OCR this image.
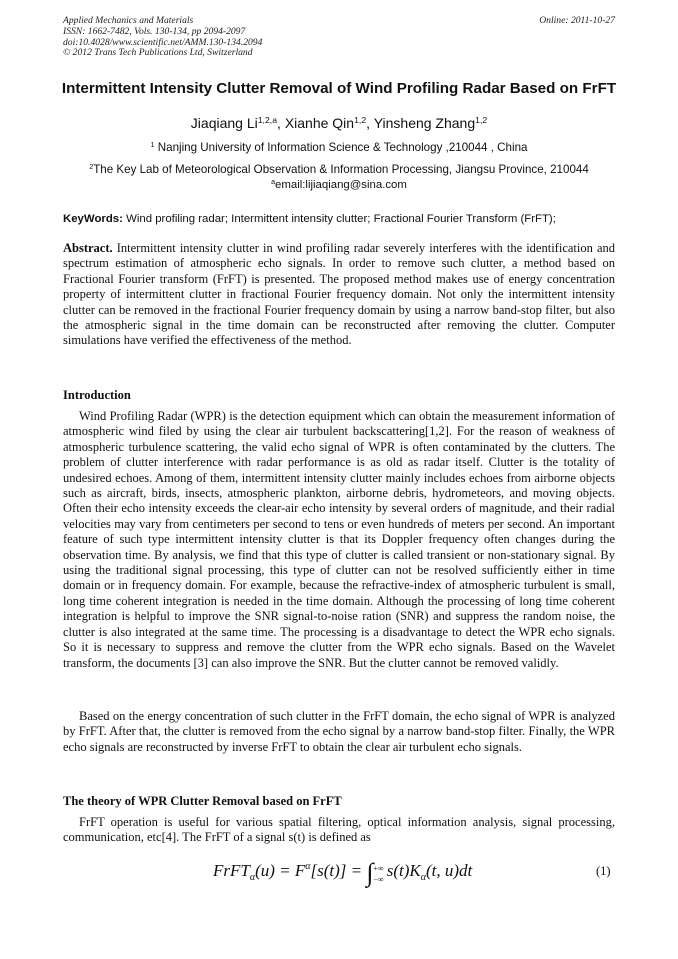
Applied Mechanics and Materials
ISSN: 1662-7482, Vols. 130-134, pp 2094-2097
doi:10.4028/www.scientific.net/AMM.130-134.2094
© 2012 Trans Tech Publications Ltd, Switzerland
Online: 2011-10-27
Intermittent Intensity Clutter Removal of Wind Profiling Radar Based on FrFT
Jiaqiang Li$^{1,2,a}$, Xianhe Qin$^{1,2}$, Yinsheng Zhang$^{1,2}$
$^1$ Nanjing University of Information Science & Technology ,210044 , China
$^2$The Key Lab of Meteorological Observation & Information Processing, Jiangsu Province, 210044
$^a$email:lijiaqiang@sina.com
KeyWords: Wind profiling radar; Intermittent intensity clutter; Fractional Fourier Transform (FrFT);
Abstract. Intermittent intensity clutter in wind profiling radar severely interferes with the identification and spectrum estimation of atmospheric echo signals. In order to remove such clutter, a method based on Fractional Fourier transform (FrFT) is presented. The proposed method makes use of energy concentration property of intermittent clutter in fractional Fourier frequency domain. Not only the intermittent intensity clutter can be removed in the fractional Fourier frequency domain by using a narrow band-stop filter, but also the atmospheric signal in the time domain can be reconstructed after removing the clutter. Computer simulations have verified the effectiveness of the method.
Introduction
Wind Profiling Radar (WPR) is the detection equipment which can obtain the measurement information of atmospheric wind filed by using the clear air turbulent backscattering[1,2]. For the reason of weakness of atmospheric turbulence scattering, the valid echo signal of WPR is often contaminated by the clutters. The problem of clutter interference with radar performance is as old as radar itself. Clutter is the totality of undesired echoes. Among of them, intermittent intensity clutter mainly includes echoes from airborne objects such as aircraft, birds, insects, atmospheric plankton, airborne debris, hydrometeors, and moving objects. Often their echo intensity exceeds the clear-air echo intensity by several orders of magnitude, and their radial velocities may vary from centimeters per second to tens or even hundreds of meters per second. An important feature of such type intermittent intensity clutter is that its Doppler frequency often changes during the observation time. By analysis, we find that this type of clutter is called transient or non-stationary signal. By using the traditional signal processing, this type of clutter can not be resolved sufficiently either in time domain or in frequency domain. For example, because the refractive-index of atmospheric turbulent is small, long time coherent integration is needed in the time domain. Although the processing of long time coherent integration is helpful to improve the SNR signal-to-noise ration (SNR) and suppress the random noise, the clutter is also integrated at the same time. The processing is a disadvantage to detect the WPR echo signals. So it is necessary to suppress and remove the clutter from the WPR echo signals. Based on the Wavelet transform, the documents [3] can also improve the SNR. But the clutter cannot be removed validly.
Based on the energy concentration of such clutter in the FrFT domain, the echo signal of WPR is analyzed by FrFT. After that, the clutter is removed from the echo signal by a narrow band-stop filter. Finally, the WPR echo signals are reconstructed by inverse FrFT to obtain the clear air turbulent echo signals.
The theory of WPR Clutter Removal based on FrFT
FrFT operation is useful for various spatial filtering, optical information analysis, signal processing, communication, etc[4]. The FrFT of a signal s(t) is defined as
FrFT$_\alpha$(u) = $F^\alpha[s(t)]$ = ∫ +∞
−∞ $s(t)K_\alpha(t$, u)dt	(1)
